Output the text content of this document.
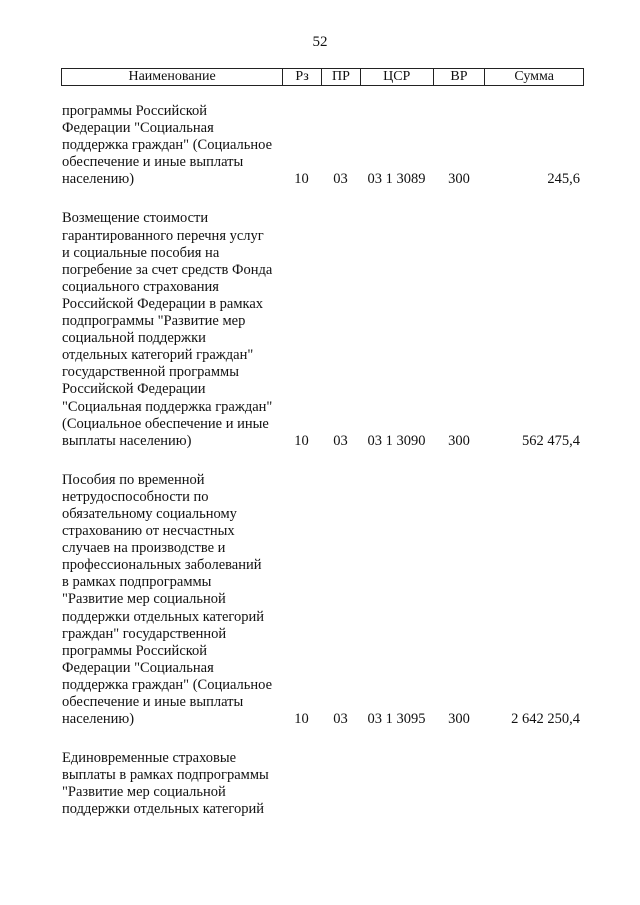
52
Наименование	Рз	ПР	ЦСР	ВР	Сумма
программы Российской
Федерации "Социальная
поддержка граждан" (Социальное
обеспечение и иные выплаты
населению)	10	03	03 1 3089	300	245,6
Возмещение стоимости
гарантированного перечня услуг
и социальные пособия на
погребение за счет средств Фонда
социального страхования
Российской Федерации в рамках
подпрограммы "Развитие мер
социальной поддержки
отдельных категорий граждан"
государственной программы
Российской Федерации
"Социальная поддержка граждан"
(Социальное обеспечение и иные
выплаты населению)	10	03	03 1 3090	300	562 475,4
Пособия по временной
нетрудоспособности по
обязательному социальному
страхованию от несчастных
случаев на производстве и
профессиональных заболеваний
в рамках подпрограммы
"Развитие мер социальной
поддержки отдельных категорий
граждан" государственной
программы Российской
Федерации "Социальная
поддержка граждан" (Социальное
обеспечение и иные выплаты
населению)	10	03	03 1 3095	300	2 642 250,4
Единовременные страховые
выплаты в рамках подпрограммы
"Развитие мер социальной
поддержки отдельных категорий
